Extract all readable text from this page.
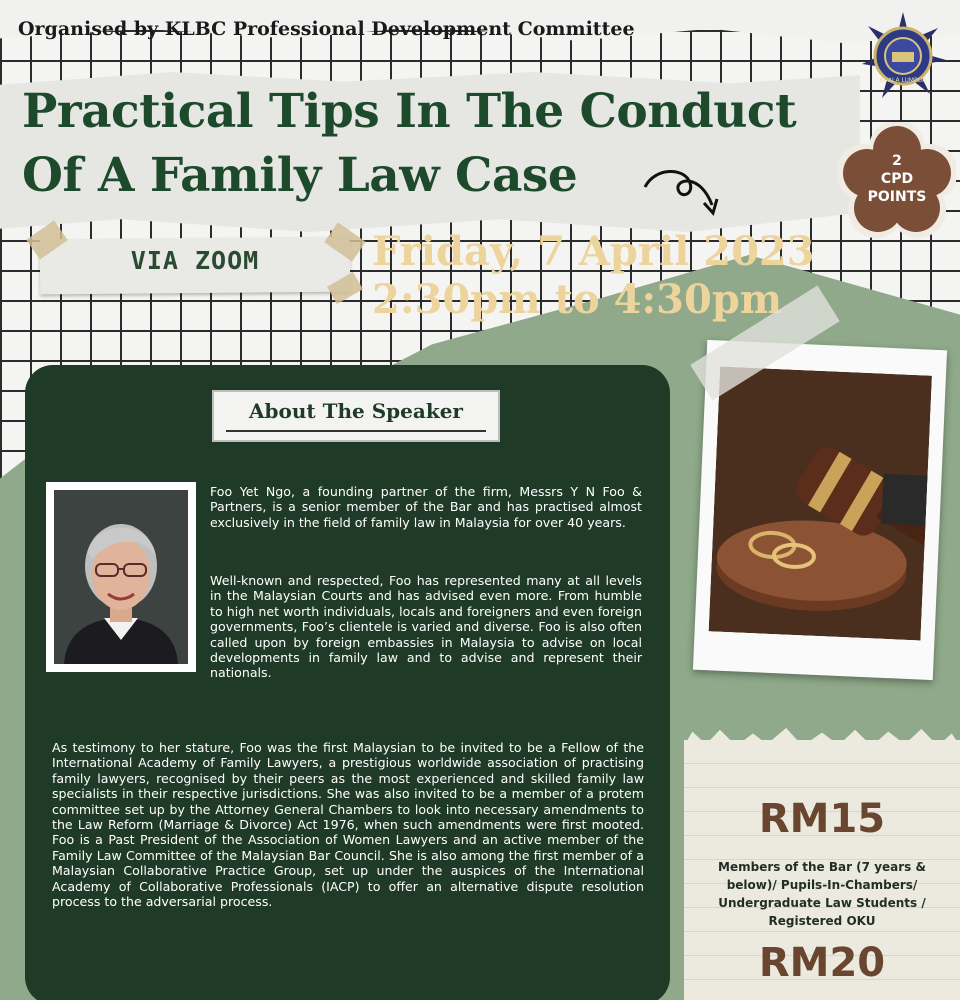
Organised by KLBC Professional Development Committee
KUALA LUMPUR
Practical Tips In The Conduct
Of A Family Law Case	2
CPD
POINTS
VIA ZOOM	Friday, 7 April 2023
2:30pm to 4:30pm
About The Speaker
Foo Yet Ngo, a founding partner of the firm, Messrs Y N Foo & Partners, is a senior member of the Bar and has practised almost exclusively in the field of family law in Malaysia for over 40 years.
Well-known and respected, Foo has represented many at all levels in the Malaysian Courts and has advised even more. From humble to high net worth individuals, locals and foreigners and even foreign governments, Foo’s clientele is varied and diverse. Foo is also often called upon by foreign embassies in Malaysia to advise on local developments in family law and to advise and represent their nationals.
As testimony to her stature, Foo was the first Malaysian to be invited to be a Fellow of the International Academy of Family Lawyers, a prestigious worldwide association of practising family lawyers, recognised by their peers as the most experienced and skilled family law specialists in their respective jurisdictions. She was also invited to be a member of a protem committee set up by the Attorney General Chambers to look into necessary amendments to the Law Reform (Marriage & Divorce) Act 1976, when such amendments were first mooted. Foo is a Past President of the Association of Women Lawyers and an active member of the Family Law Committee of the Malaysian Bar Council. She is also among the first member of a Malaysian Collaborative Practice Group, set up under the auspices of the International Academy of Collaborative Professionals (IACP) to offer an alternative dispute resolution process to the adversarial process.
RM15
Members of the Bar (7 years & below)/ Pupils-In-Chambers/ Undergraduate Law Students / Registered OKU
RM20
